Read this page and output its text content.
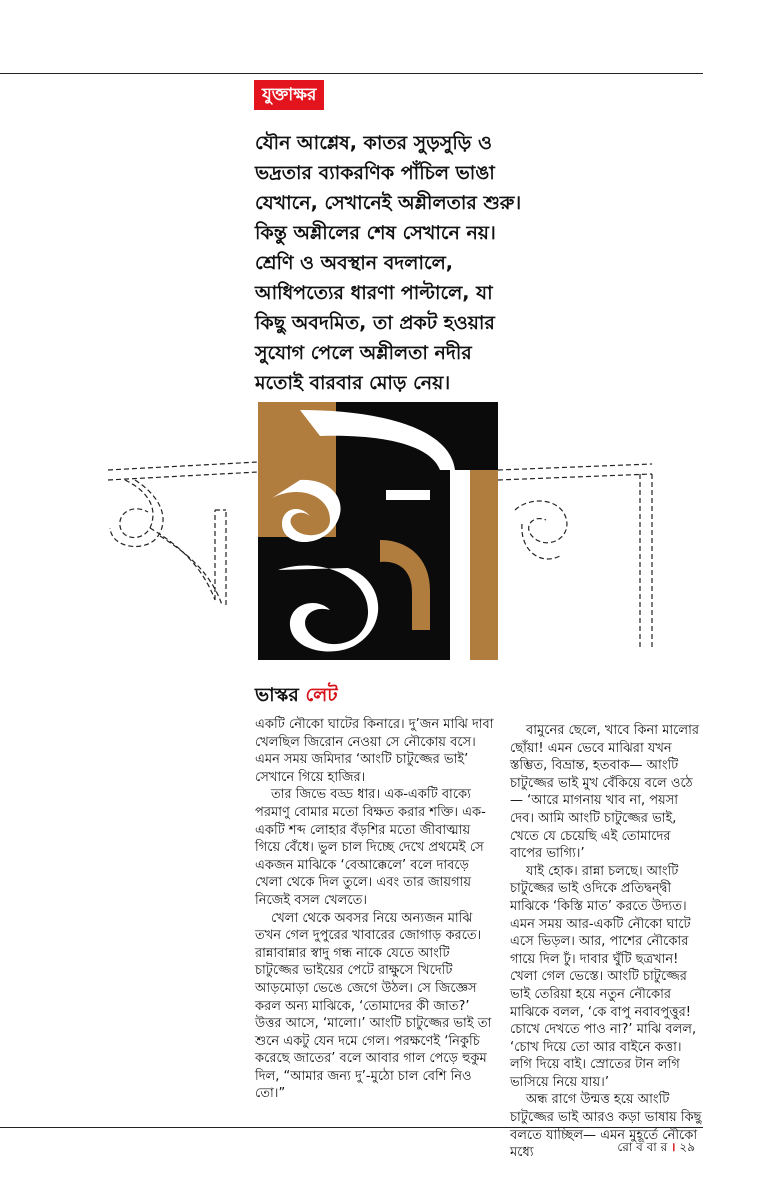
যুক্তাক্ষর
যৌন আশ্লেষ, কাতর সুড়সুড়ি ও
ভদ্রতার ব্যাকরণিক পাঁচিল ভাঙা
যেখানে, সেখানেই অশ্লীলতার শুরু।
কিন্তু অশ্লীলের শেষ সেখানে নয়।
শ্রেণি ও অবস্থান বদলালে,
আধিপত্যের ধারণা পাল্টালে, যা
কিছু অবদমিত, তা প্রকট হওয়ার
সুযোগ পেলে অশ্লীলতা নদীর
মতোই বারবার মোড় নেয়।
ভাস্কর লেট

একটি নৌকো ঘাটের কিনারে। দু’জন মাঝি দাবা খেলছিল জিরোন নেওয়া সে নৌকোয় বসে। এমন সময় জমিদার ‘আংটি চাটুজ্জের ভাই’ সেখানে গিয়ে হাজির।

তার জিভে বড্ড ধার। এক-একটি বাক্যে পরমাণু বোমার মতো বিক্ষত করার শক্তি। এক-একটি শব্দ লোহার বঁড়শির মতো জীবাত্মায় গিয়ে বেঁধে। ভুল চাল দিচ্ছে দেখে প্রথমেই সে একজন মাঝিকে ‘বেআক্কেলে’ বলে দাবড়ে খেলা থেকে দিল তুলে। এবং তার জায়গায় নিজেই বসল খেলতে।

খেলা থেকে অবসর নিয়ে অন্যজন মাঝি তখন গেল দুপুরের খাবারের জোগাড় করতে। রান্নাবান্নার স্বাদু গন্ধ নাকে যেতে আংটি চাটুজ্জের ভাইয়ের পেটে রাক্ষুসে খিদেটি আড়মোড়া ভেঙে জেগে উঠল। সে জিজ্ঞেস করল অন্য মাঝিকে, ‘তোমাদের কী জাত?’ উত্তর আসে, ‘মালো।’ আংটি চাটুজ্জের ভাই তা শুনে একটু যেন দমে গেল। পরক্ষণেই ‘নিকুচি করেছে জাতের’ বলে আবার গাল পেড়ে হুকুম দিল, “আমার জন্য দু’-মুঠো চাল বেশি নিও তো।”

বামুনের ছেলে, খাবে কিনা মালোর ছোঁয়া! এমন ভেবে মাঝিরা যখন স্তম্ভিত, বিভ্রান্ত, হতবাক— আংটি চাটুজ্জের ভাই মুখ বেঁকিয়ে বলে ওঠে— ‘আরে মাগনায় খাব না, পয়সা দেব। আমি আংটি চাটুজ্জের ভাই, খেতে যে চেয়েছি এই তোমাদের বাপের ভাগ্যি।’

যাই হোক। রান্না চলছে। আংটি চাটুজ্জের ভাই ওদিকে প্রতিদ্বন্দ্বী মাঝিকে ‘কিস্তি মাত’ করতে উদ্যত। এমন সময় আর-একটি নৌকো ঘাটে এসে ভিড়ল। আর, পাশের নৌকোর গায়ে দিল ঢুঁ। দাবার ঘুঁটি ছত্রখান! খেলা গেল ভেস্তে। আংটি চাটুজ্জের ভাই তেরিয়া হয়ে নতুন নৌকোর মাঝিকে বলল, ‘কে বাপু নবাবপুত্তুর! চোখে দেখতে পাও না?’ মাঝি বলল, ‘চোখ দিয়ে তো আর বাইনে কত্তা। লগি দিয়ে বাই। স্রোতের টান লগি ভাসিয়ে নিয়ে যায়।’

অন্ধ রাগে উন্মত্ত হয়ে আংটি চাটুজ্জের ভাই আরও কড়া ভাষায় কিছু বলতে যাচ্ছিল— এমন মুহূর্তে নৌকো মধ্যে	রো ব বা র । ২৯
